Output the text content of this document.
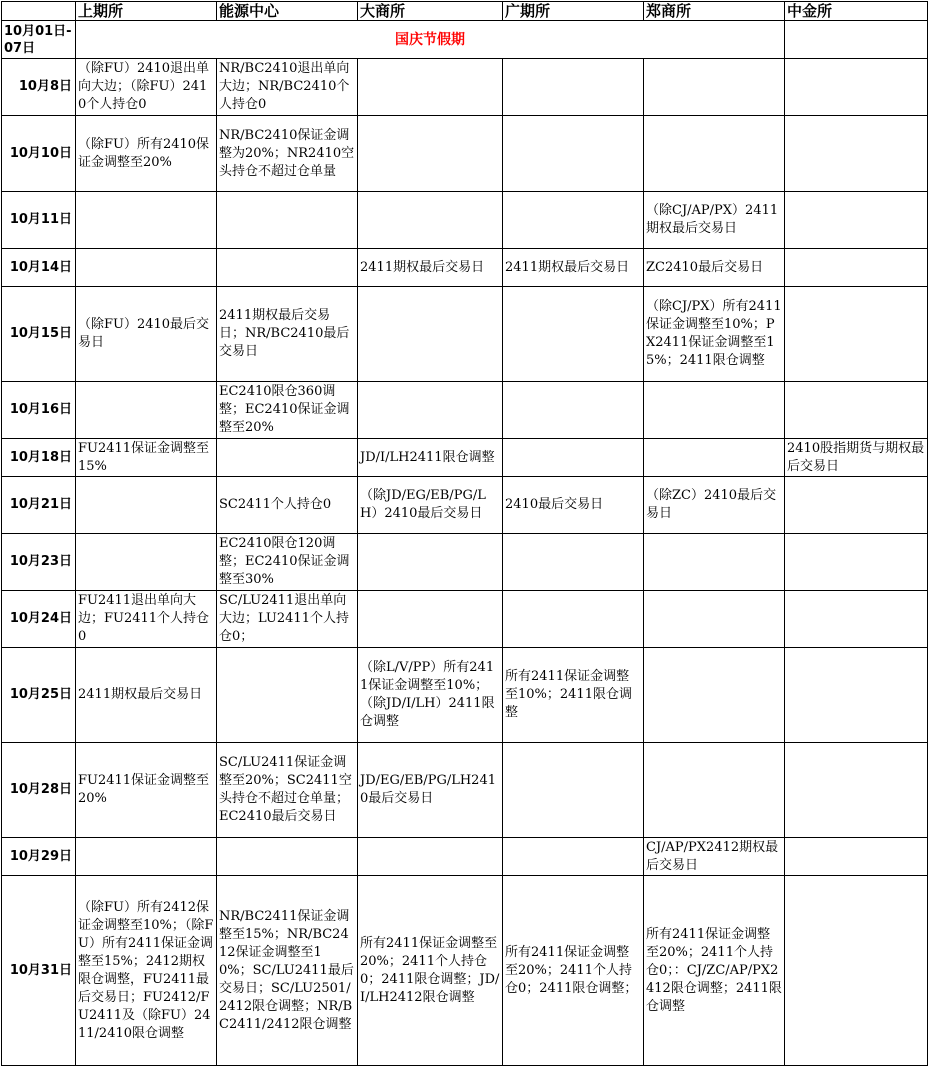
	上期所	能源中心	大商所	广期所	郑商所	中金所
10月01日-07日	国庆节假期					
10月8日	（除FU）2410退出单向大边；（除FU）2410个人持仓0	NR/BC2410退出单向大边；NR/BC2410个人持仓0				
10月10日	（除FU）所有2410保证金调整至20%	NR/BC2410保证金调整为20%；NR2410空头持仓不超过仓单量				
10月11日					（除CJ/AP/PX）2411期权最后交易日	
10月14日			2411期权最后交易日	2411期权最后交易日	ZC2410最后交易日	
10月15日	（除FU）2410最后交易日	2411期权最后交易日；NR/BC2410最后交易日			（除CJ/PX）所有2411保证金调整至10%；PX2411保证金调整至15%；2411限仓调整	
10月16日		EC2410限仓360调整；EC2410保证金调整至20%				
10月18日	FU2411保证金调整至15%		JD/I/LH2411限仓调整			2410股指期货与期权最后交易日
10月21日		SC2411个人持仓0	（除JD/EG/EB/PG/LH）2410最后交易日	2410最后交易日	（除ZC）2410最后交易日	
10月23日		EC2410限仓120调整；EC2410保证金调整至30%				
10月24日	FU2411退出单向大边；FU2411个人持仓0	SC/LU2411退出单向大边；LU2411个人持仓0；				
10月25日	2411期权最后交易日		（除L/V/PP）所有2411保证金调整至10%；（除JD/I/LH）2411限仓调整	所有2411保证金调整至10%；2411限仓调整		
10月28日	FU2411保证金调整至20%	SC/LU2411保证金调整至20%；SC2411空头持仓不超过仓单量；EC2410最后交易日	JD/EG/EB/PG/LH2410最后交易日			
10月29日					CJ/AP/PX2412期权最后交易日	
10月31日	（除FU）所有2412保证金调整至10%；（除FU）所有2411保证金调整至15%；2412期权限仓调整，FU2411最后交易日；FU2412/FU2411及（除FU）2411/2410限仓调整	NR/BC2411保证金调整至15%；NR/BC2412保证金调整至10%；SC/LU2411最后交易日；SC/LU2501/2412限仓调整；NR/BC2411/2412限仓调整	所有2411保证金调整至20%；2411个人持仓0；2411限仓调整；JD/I/LH2412限仓调整	所有2411保证金调整至20%；2411个人持仓0；2411限仓调整；	所有2411保证金调整至20%；2411个人持仓0；：CJ/ZC/AP/PX2412限仓调整；2411限仓调整	
